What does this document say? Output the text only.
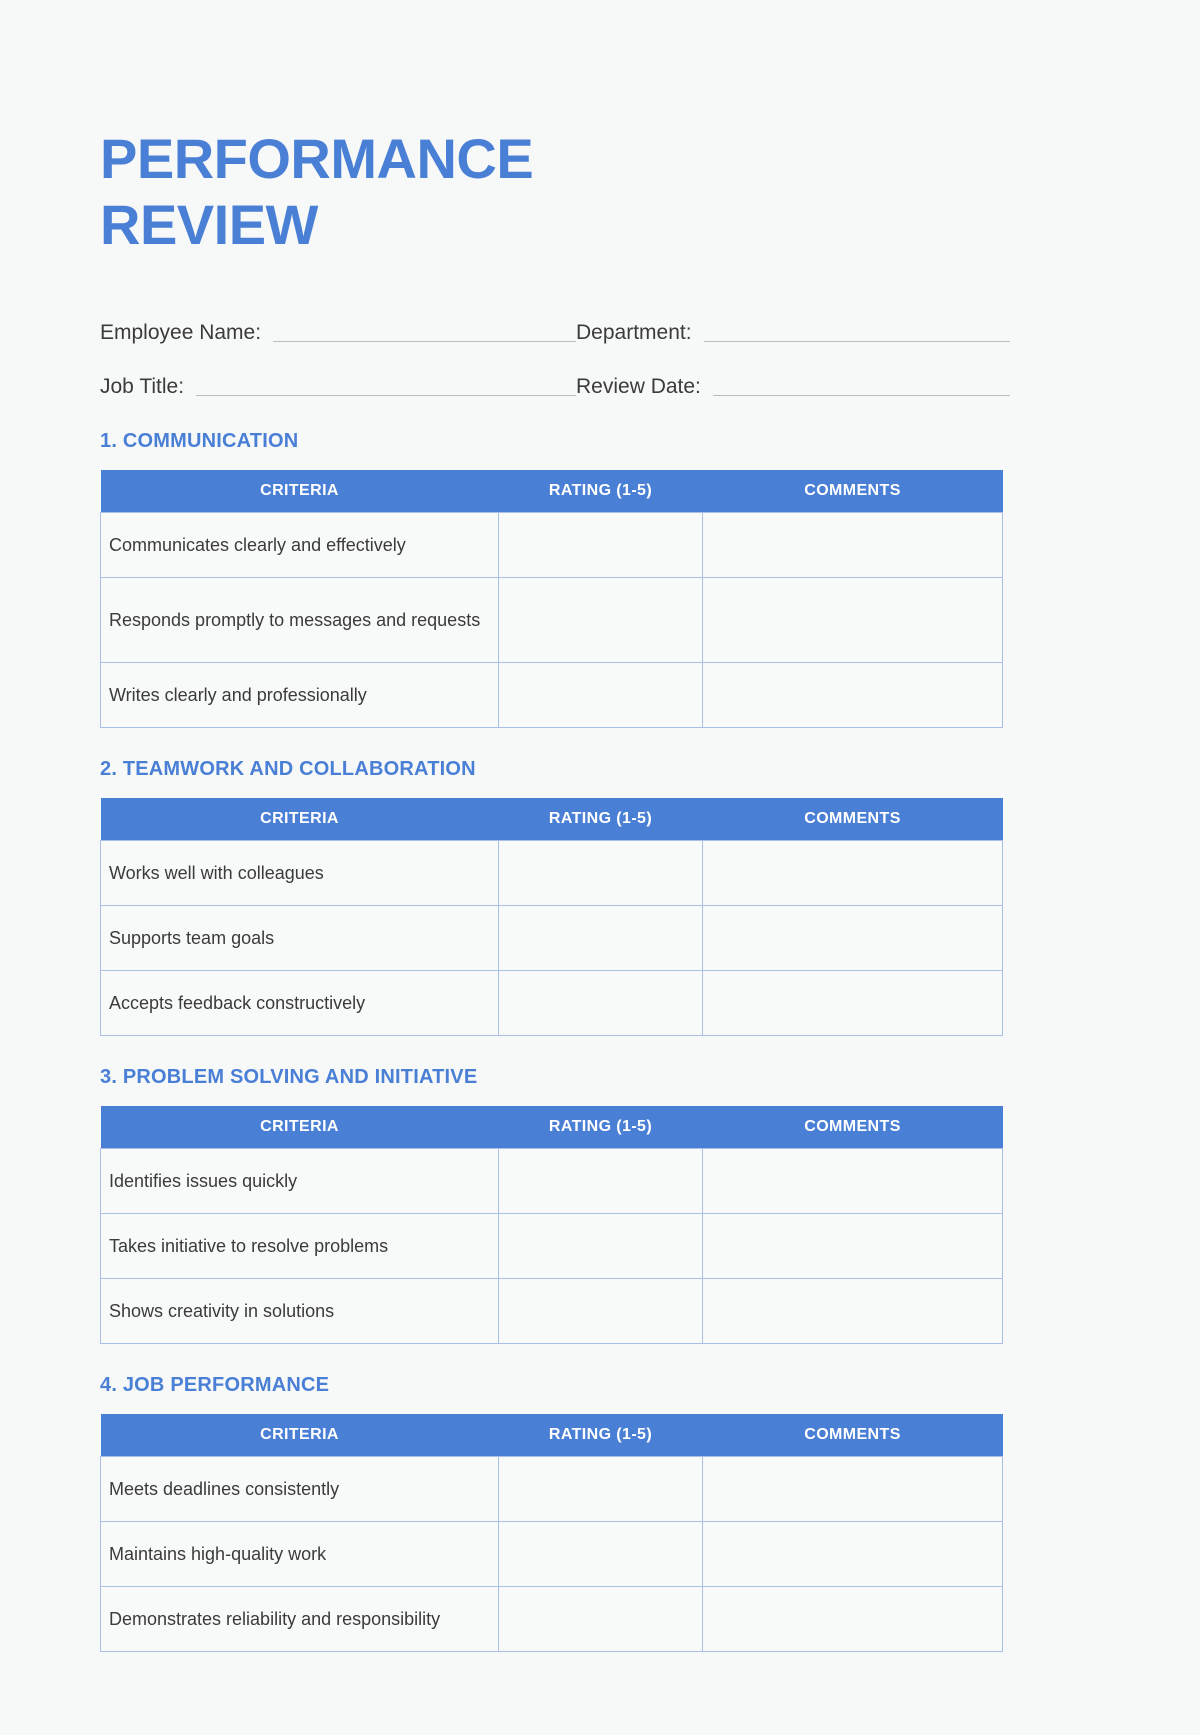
PERFORMANCE
REVIEW
Employee Name:	Department:
Job Title:	Review Date:
1. COMMUNICATION
CRITERIA	RATING (1-5)	COMMENTS
Communicates clearly and effectively		
Responds promptly to messages and requests		
Writes clearly and professionally		
2. TEAMWORK AND COLLABORATION
CRITERIA	RATING (1-5)	COMMENTS
Works well with colleagues		
Supports team goals		
Accepts feedback constructively		
3. PROBLEM SOLVING AND INITIATIVE
CRITERIA	RATING (1-5)	COMMENTS
Identifies issues quickly		
Takes initiative to resolve problems		
Shows creativity in solutions		
4. JOB PERFORMANCE
CRITERIA	RATING (1-5)	COMMENTS
Meets deadlines consistently		
Maintains high-quality work		
Demonstrates reliability and responsibility		
